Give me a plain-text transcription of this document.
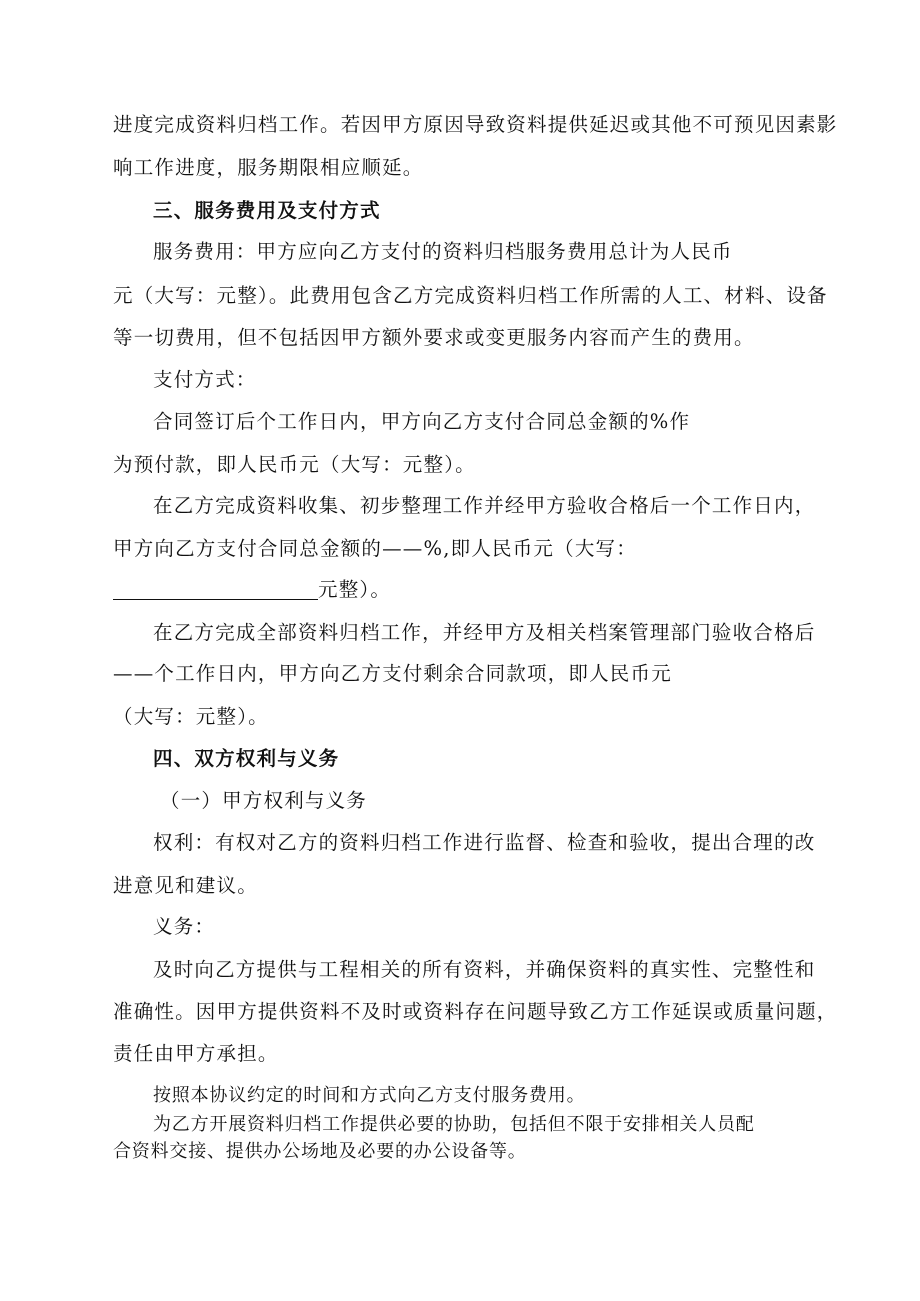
进度完成资料归档工作。若因甲方原因导致资料提供延迟或其他不可预见因素影
响工作进度，服务期限相应顺延。
三、服务费用及支付方式
服务费用：甲方应向乙方支付的资料归档服务费用总计为人民币
元（大写：元整）。此费用包含乙方完成资料归档工作所需的人工、材料、设备
等一切费用，但不包括因甲方额外要求或变更服务内容而产生的费用。
支付方式：
合同签订后个工作日内，甲方向乙方支付合同总金额的%作
为预付款，即人民币元（大写：元整）。
在乙方完成资料收集、初步整理工作并经甲方验收合格后一个工作日内，
甲方向乙方支付合同总金额的——%,即人民币元（大写：
元整）。
在乙方完成全部资料归档工作，并经甲方及相关档案管理部门验收合格后
——个工作日内，甲方向乙方支付剩余合同款项，即人民币元
（大写：元整）。
四、双方权利与义务
（一）甲方权利与义务
权利：有权对乙方的资料归档工作进行监督、检查和验收，提出合理的改
进意见和建议。
义务：
及时向乙方提供与工程相关的所有资料，并确保资料的真实性、完整性和
准确性。因甲方提供资料不及时或资料存在问题导致乙方工作延误或质量问题，
责任由甲方承担。
按照本协议约定的时间和方式向乙方支付服务费用。
为乙方开展资料归档工作提供必要的协助，包括但不限于安排相关人员配
合资料交接、提供办公场地及必要的办公设备等。
